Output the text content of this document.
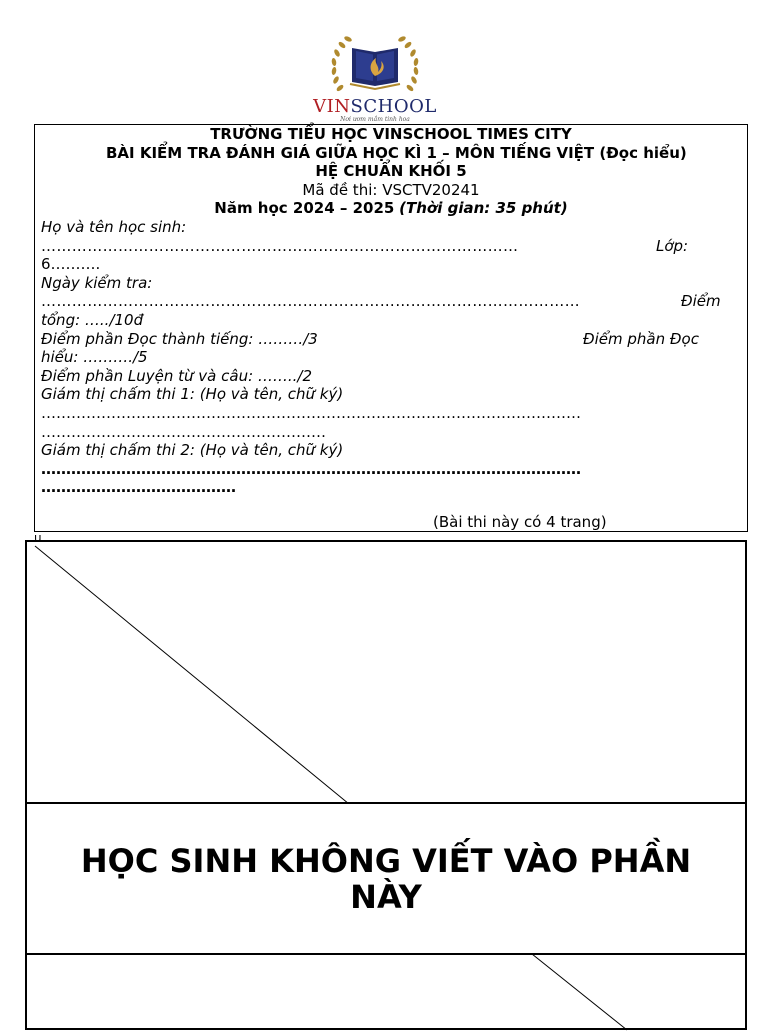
VINSCHOOL
Nơi ươm mầm tinh hoa
TRƯỜNG TIỂU HỌC VINSCHOOL TIMES CITY
BÀI KIỂM TRA ĐÁNH GIÁ GIỮA HỌC KÌ 1 – MÔN TIẾNG VIỆT (Đọc hiểu)
HỆ CHUẨN KHỐI 5
Mã đề thi: VSCTV20241
Năm học 2024 – 2025 (Thời gian: 35 phút)
Họ và tên học sinh:
…………………………………………………………………………………	Lớp:
6……….
Ngày kiểm tra:
……………………………………………………………………………………………	Điểm
tổng: …../10đ
Điểm phần Đọc thành tiếng: ………/3	Điểm phần Đọc
hiểu: ………./5
Điểm phần Luyện từ và câu: ……../2
Giám thị chấm thi 1: (Họ và tên, chữ ký)
………………………………………………………………………………………………
…………………………………………………
Giám thị chấm thi 2: (Họ và tên, chữ ký)
………………………………………………………………………………………………
…………………………………
(Bài thi này có 4 trang)
u
HỌC SINH KHÔNG VIẾT VÀO PHẦN NÀY
